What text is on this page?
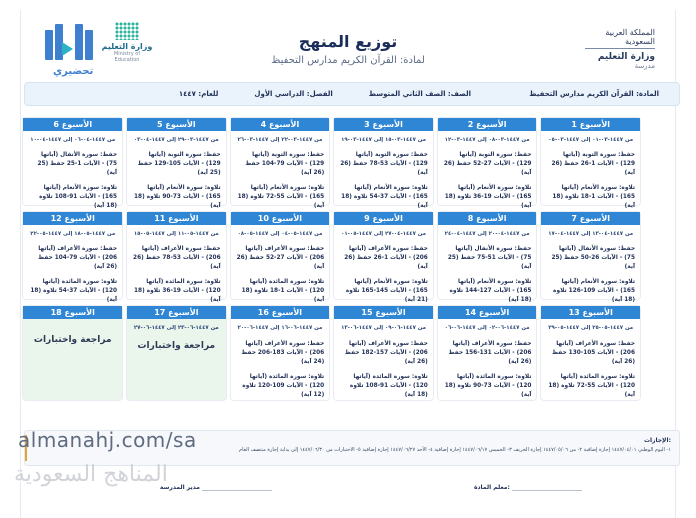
تحضيري
وزارة التعليم
Ministry of Education
توزيع المنهج
لمادة: القرآن الكريم مدارس التحفيظ
المملكة العربية السعودية
وزارة التعليم
مدرسة
المادة: القرآن الكريم مدارس التحفيظ
الصف: الصف الثاني المتوسط
الفصل: الدراسي الأول
للعام: ١٤٤٧
الأسبوع 1
من ١٤٤٧-٠٣-٠١ إلى ١٤٤٧-٠٣-٠٥
حفظ: سورة التوبة (آياتها 129) - الآيات 1-26 حفظ (26 آية)
تلاوة: سورة الأنعام (آياتها 165) - الآيات 1-18 تلاوة (18 آية)
الأسبوع 2
من ١٤٤٧-٠٣-٠٨ إلى ١٤٤٧-٠٣-١٢
حفظ: سورة التوبة (آياتها 129) - الآيات 27-52 حفظ (26 آية)
تلاوة: سورة الأنعام (آياتها 165) - الآيات 19-36 تلاوة (18 آية)
الأسبوع 3
من ١٤٤٧-٠٣-١٥ إلى ١٤٤٧-٠٣-١٩
حفظ: سورة التوبة (آياتها 129) - الآيات 53-78 حفظ (26 آية)
تلاوة: سورة الأنعام (آياتها 165) - الآيات 37-54 تلاوة (18 آية)
الأسبوع 4
من ١٤٤٧-٠٣-٢٢ إلى ١٤٤٧-٠٣-٢٦
حفظ: سورة التوبة (آياتها 129) - الآيات 79-104 حفظ (26 آية)
تلاوة: سورة الأنعام (آياتها 165) - الآيات 55-72 تلاوة (18 آية)
الأسبوع 5
من ١٤٤٧-٠٣-٢٩ إلى ١٤٤٧-٠٤-٠٣
حفظ: سورة التوبة (آياتها 129) - الآيات 105-129 حفظ (25 آية)
تلاوة: سورة الأنعام (آياتها 165) - الآيات 73-90 تلاوة (18 آية)
الأسبوع 6
من ١٤٤٧-٠٤-٠٦ إلى ١٤٤٧-٠٤-١٠
حفظ: سورة الأنفال (آياتها 75) - الآيات 1-25 حفظ (25 آية)
تلاوة: سورة الأنعام (آياتها 165) - الآيات 91-108 تلاوة (18 آية)
الأسبوع 7
من ١٤٤٧-٠٤-١٣ إلى ١٤٤٧-٠٤-١٧
حفظ: سورة الأنفال (آياتها 75) - الآيات 26-50 حفظ (25 آية)
تلاوة: سورة الأنعام (آياتها 165) - الآيات 109-126 تلاوة (18 آية)
الأسبوع 8
من ١٤٤٧-٠٤-٢٠ إلى ١٤٤٧-٠٤-٢٤
حفظ: سورة الأنفال (آياتها 75) - الآيات 51-75 حفظ (25 آية)
تلاوة: سورة الأنعام (آياتها 165) - الآيات 127-144 تلاوة (18 آية)
الأسبوع 9
من ١٤٤٧-٠٤-٢٧ إلى ١٤٤٧-٠٥-٠١
حفظ: سورة الأعراف (آياتها 206) - الآيات 1-26 حفظ (26 آية)
تلاوة: سورة الأنعام (آياتها 165) - الآيات 145-165 تلاوة (21 آية)
الأسبوع 10
من ١٤٤٧-٠٥-٠٤ إلى ١٤٤٧-٠٥-٠٨
حفظ: سورة الأعراف (آياتها 206) - الآيات 27-52 حفظ (26 آية)
تلاوة: سورة المائدة (آياتها 120) - الآيات 1-18 تلاوة (18 آية)
الأسبوع 11
من ١٤٤٧-٠٥-١١ إلى ١٤٤٧-٠٥-١٥
حفظ: سورة الأعراف (آياتها 206) - الآيات 53-78 حفظ (26 آية)
تلاوة: سورة المائدة (آياتها 120) - الآيات 19-36 تلاوة (18 آية)
الأسبوع 12
من ١٤٤٧-٠٥-١٨ إلى ١٤٤٧-٠٥-٢٢
حفظ: سورة الأعراف (آياتها 206) - الآيات 79-104 حفظ (26 آية)
تلاوة: سورة المائدة (آياتها 120) - الآيات 37-54 تلاوة (18 آية)
الأسبوع 13
من ١٤٤٧-٠٥-٢٥ إلى ١٤٤٧-٠٥-٢٩
حفظ: سورة الأعراف (آياتها 206) - الآيات 105-130 حفظ (26 آية)
تلاوة: سورة المائدة (آياتها 120) - الآيات 55-72 تلاوة (18 آية)
الأسبوع 14
من ١٤٤٧-٠٦-٠٢ إلى ١٤٤٧-٠٦-٠٦
حفظ: سورة الأعراف (آياتها 206) - الآيات 131-156 حفظ (26 آية)
تلاوة: سورة المائدة (آياتها 120) - الآيات 73-90 تلاوة (18 آية)
الأسبوع 15
من ١٤٤٧-٠٦-٠٩ إلى ١٤٤٧-٠٦-١٣
حفظ: سورة الأعراف (آياتها 206) - الآيات 157-182 حفظ (26 آية)
تلاوة: سورة المائدة (آياتها 120) - الآيات 91-108 تلاوة (18 آية)
الأسبوع 16
من ١٤٤٧-٠٦-١٦ إلى ١٤٤٧-٠٦-٢٠
حفظ: سورة الأعراف (آياتها 206) - الآيات 183-206 حفظ (24 آية)
تلاوة: سورة المائدة (آياتها 120) - الآيات 109-120 تلاوة (12 آية)
الأسبوع 17
من ١٤٤٧-٠٦-٢٣ إلى ١٤٤٧-٠٦-٢٧
مراجعة واختبارات
الأسبوع 18
مراجعة واختبارات
الإجازات:
١- اليوم الوطني ١٤٤٧/٠٤/٠١ إجازة إضافية ٢- من ١٤٤٧/٠٥/٠٦ إجازة الخريف ٣- الخميس ١٤٤٧/٠٦/١٧ إجازة إضافية ٤- الأحد ١٤٤٧/٠٦/٢٧ إجازة إضافية ٥- الاختبارات من ١٤٤٧/٠٦/٣٠ إلى بداية إجازة منتصف العام
almanahj.com/sa
المناهج السعودية
معلم المادة:
مدير المدرسة
